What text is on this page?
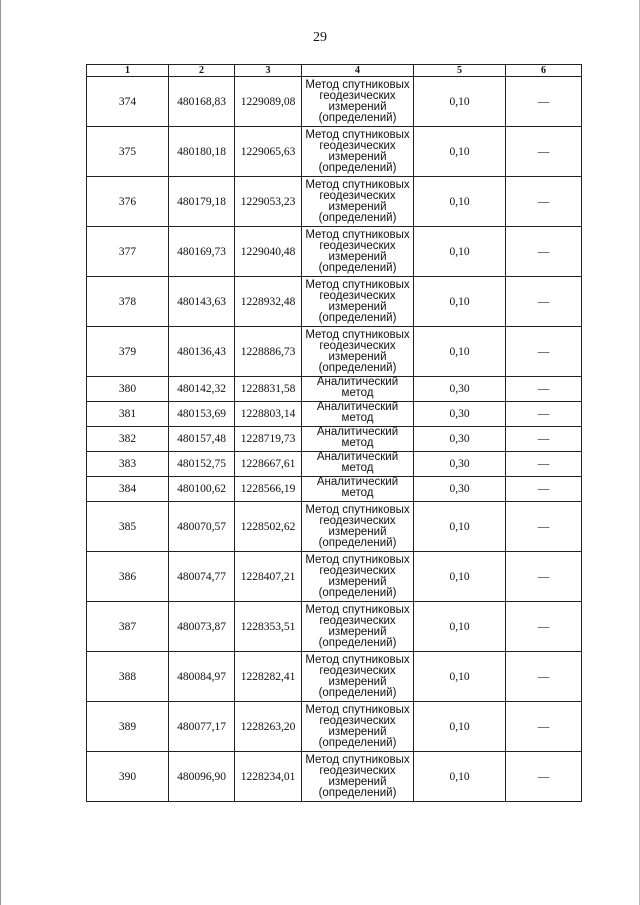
29
1	2	3	4	5	6
374	480168,83	1229089,08	Метод спутниковых геодезических измерений (определений)	0,10	—
375	480180,18	1229065,63	Метод спутниковых геодезических измерений (определений)	0,10	—
376	480179,18	1229053,23	Метод спутниковых геодезических измерений (определений)	0,10	—
377	480169,73	1229040,48	Метод спутниковых геодезических измерений (определений)	0,10	—
378	480143,63	1228932,48	Метод спутниковых геодезических измерений (определений)	0,10	—
379	480136,43	1228886,73	Метод спутниковых геодезических измерений (определений)	0,10	—
380	480142,32	1228831,58	Аналитический метод	0,30	—
381	480153,69	1228803,14	Аналитический метод	0,30	—
382	480157,48	1228719,73	Аналитический метод	0,30	—
383	480152,75	1228667,61	Аналитический метод	0,30	—
384	480100,62	1228566,19	Аналитический метод	0,30	—
385	480070,57	1228502,62	Метод спутниковых геодезических измерений (определений)	0,10	—
386	480074,77	1228407,21	Метод спутниковых геодезических измерений (определений)	0,10	—
387	480073,87	1228353,51	Метод спутниковых геодезических измерений (определений)	0,10	—
388	480084,97	1228282,41	Метод спутниковых геодезических измерений (определений)	0,10	—
389	480077,17	1228263,20	Метод спутниковых геодезических измерений (определений)	0,10	—
390	480096,90	1228234,01	Метод спутниковых геодезических измерений (определений)	0,10	—
